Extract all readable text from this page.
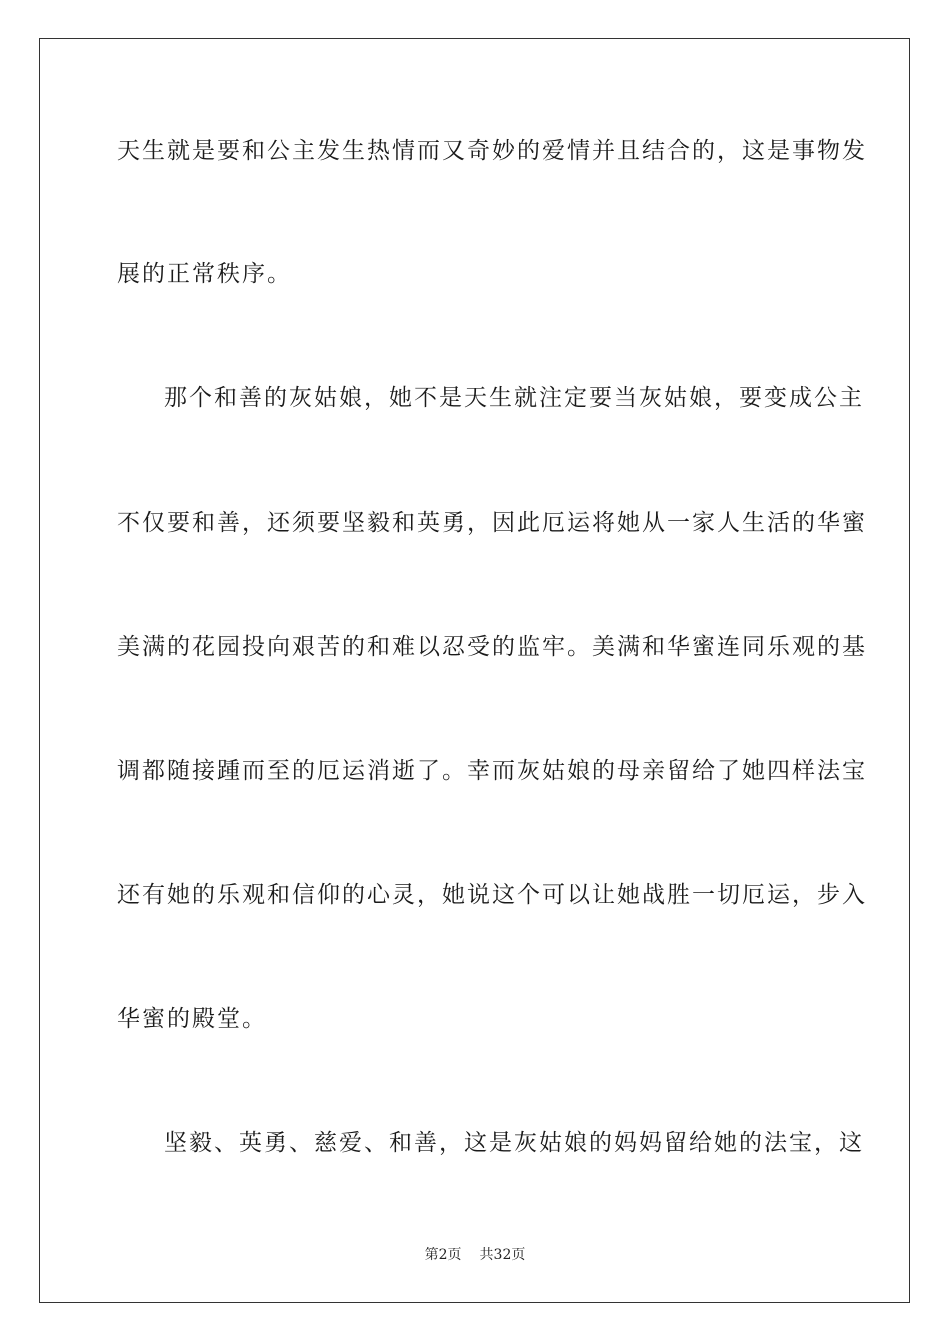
天生就是要和公主发生热情而又奇妙的爱情并且结合的，这是事物发
展的正常秩序。
那个和善的灰姑娘，她不是天生就注定要当灰姑娘，要变成公主
不仅要和善，还须要坚毅和英勇，因此厄运将她从一家人生活的华蜜
美满的花园投向艰苦的和难以忍受的监牢。美满和华蜜连同乐观的基
调都随接踵而至的厄运消逝了。幸而灰姑娘的母亲留给了她四样法宝
还有她的乐观和信仰的心灵，她说这个可以让她战胜一切厄运，步入
华蜜的殿堂。
坚毅、英勇、慈爱、和善，这是灰姑娘的妈妈留给她的法宝，这
第2页 共32页
